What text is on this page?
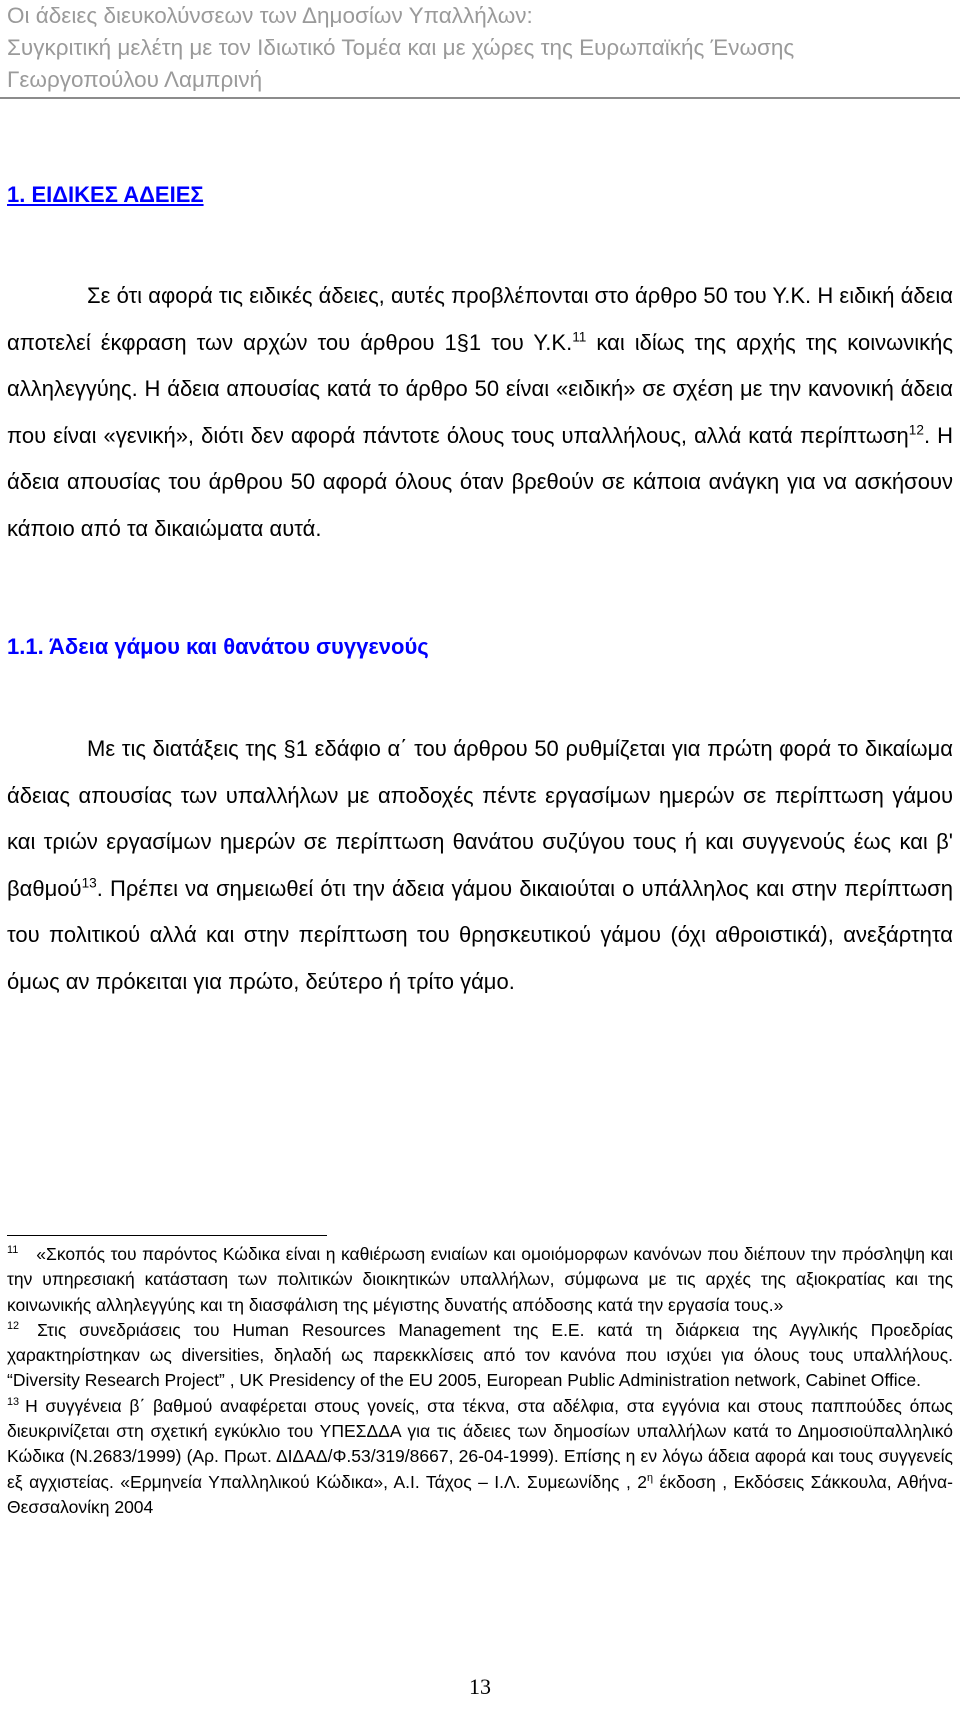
Οι άδειες διευκολύνσεων των Δημοσίων Υπαλλήλων:
Συγκριτική μελέτη με τον Ιδιωτικό Τομέα και με χώρες της Ευρωπαϊκής Ένωσης
Γεωργοπούλου Λαμπρινή
1. ΕΙΔΙΚΕΣ ΑΔΕΙΕΣ
Σε ότι αφορά τις ειδικές άδειες, αυτές προβλέπονται στο άρθρο 50 του Υ.Κ. Η ειδική άδεια αποτελεί έκφραση των αρχών του άρθρου 1§1 του Υ.Κ.$^{11}$ και ιδίως της αρχής της κοινωνικής αλληλεγγύης. Η άδεια απουσίας κατά το άρθρο 50 είναι «ειδική» σε σχέση με την κανονική άδεια που είναι «γενική», διότι δεν αφορά πάντοτε όλους τους υπαλλήλους, αλλά κατά περίπτωση$^{12}$. Η άδεια απουσίας του άρθρου 50 αφορά όλους όταν βρεθούν σε κάποια ανάγκη για να ασκήσουν κάποιο από τα δικαιώματα αυτά.
1.1. Άδεια γάμου και θανάτου συγγενούς
Με τις διατάξεις της §1 εδάφιο α΄ του άρθρου 50 ρυθμίζεται για πρώτη φορά το δικαίωμα άδειας απουσίας των υπαλλήλων με αποδοχές πέντε εργασίμων ημερών σε περίπτωση γάμου και τριών εργασίμων ημερών σε περίπτωση θανάτου συζύγου τους ή και συγγενούς έως και β' βαθμού$^{13}$. Πρέπει να σημειωθεί ότι την άδεια γάμου δικαιούται ο υπάλληλος και στην περίπτωση του πολιτικού αλλά και στην περίπτωση του θρησκευτικού γάμου (όχι αθροιστικά), ανεξάρτητα όμως αν πρόκειται για πρώτο, δεύτερο ή τρίτο γάμο.

$^{11}$ «Σκοπός του παρόντος Κώδικα είναι η καθιέρωση ενιαίων και ομοιόμορφων κανόνων που διέπουν την πρόσληψη και την υπηρεσιακή κατάσταση των πολιτικών διοικητικών υπαλλήλων, σύμφωνα με τις αρχές της αξιοκρατίας και της κοινωνικής αλληλεγγύης και τη διασφάλιση της μέγιστης δυνατής απόδοσης κατά την εργασία τους.»

$^{12}$ Στις συνεδριάσεις του Human Resources Management της Ε.Ε. κατά τη διάρκεια της Αγγλικής Προεδρίας χαρακτηρίστηκαν ως diversities, δηλαδή ως παρεκκλίσεις από τον κανόνα που ισχύει για όλους τους υπαλλήλους. “Diversity Research Project” , UK Presidency of the EU 2005, European Public Administration network, Cabinet Office.

$^{13}$ Η συγγένεια β΄ βαθμού αναφέρεται στους γονείς, στα τέκνα, στα αδέλφια, στα εγγόνια και στους παππούδες όπως διευκρινίζεται στη σχετική εγκύκλιο του ΥΠΕΣΔΔΑ για τις άδειες των δημοσίων υπαλλήλων κατά το Δημοσιοϋπαλληλικό Κώδικα (Ν.2683/1999) (Αρ. Πρωτ. ΔΙΔΑΔ/Φ.53/319/8667, 26-04-1999). Επίσης η εν λόγω άδεια αφορά και τους συγγενείς εξ αγχιστείας. «Ερμηνεία Υπαλληλικού Κώδικα», Α.Ι. Τάχος – Ι.Λ. Συμεωνίδης , $2^\eta$ έκδοση , Εκδόσεις Σάκκουλα, Αθήνα-Θεσσαλονίκη 2004

13
